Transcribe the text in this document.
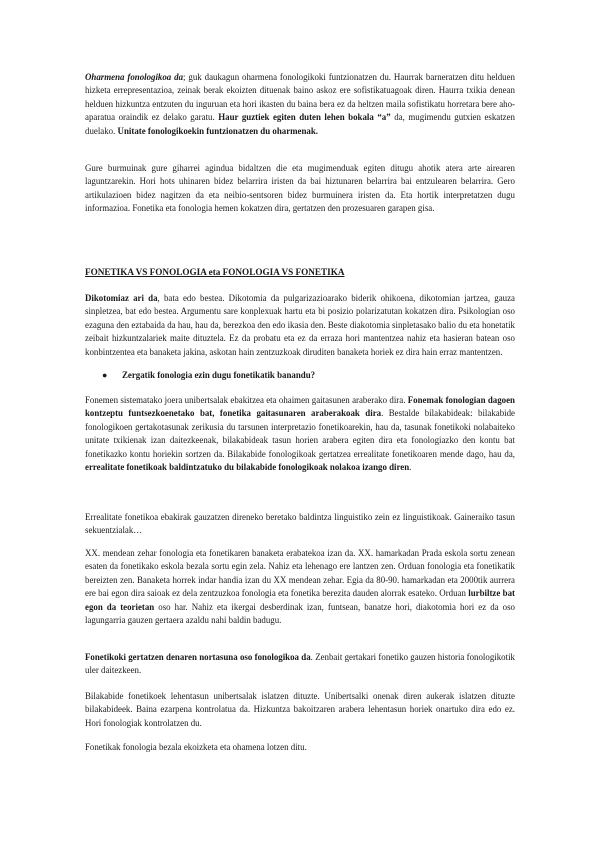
Oharmena fonologikoa da; guk daukagun oharmena fonologikoki funtzionatzen du. Haurrak barneratzen ditu helduen hizketa errepresentazioa, zeinak berak ekoizten dituenak baino askoz ere sofistikatuagoak diren. Haurra txikia denean helduen hizkuntza entzuten du inguruan eta hori ikasten du baina bera ez da heltzen maila sofistikatu horretara bere aho-aparatua oraindik ez delako garatu. Haur guztiek egiten duten lehen bokala “a” da, mugimendu gutxien eskatzen duelako. Unitate fonologikoekin funtzionatzen du oharmenak.

Gure burmuinak gure giharrei agindua bidaltzen die eta mugimenduak egiten ditugu ahotik atera arte airearen laguntzarekin. Hori hots uhinaren bidez belarrira iristen da bai hiztunaren belarrira bai entzulearen belarrira. Gero artikulazioen bidez nagitzen da eta neibio-sentsoren bidez burmuinera iristen da. Eta hortik interpretatzen dugu informazioa. Fonetika eta fonologia hemen kokatzen dira, gertatzen den prozesuaren garapen gisa.

FONETIKA VS FONOLOGIA eta FONOLOGIA VS FONETIKA

Dikotomiaz ari da, bata edo bestea. Dikotomia da pulgarizazioarako biderik ohikoena, dikotomian jartzea, gauza sinpletzea, bat edo bestea. Argumentu sare konplexuak hartu eta bi posizio polarizatutan kokatzen dira. Psikologian oso ezaguna den eztabaida da hau, hau da, berezkoa den edo ikasia den. Beste diakotomia sinpletasako balio du eta honetatik zeibait hizkuntzalariek maite dituztela. Ez da probatu eta ez da erraza hori mantentzea nahiz eta hasieran batean oso konbintzentea eta banaketa jakina, askotan hain zentzuzkoak diruditen banaketa horiek ez dira hain erraz mantentzen.

● Zergatik fonologia ezin dugu fonetikatik banandu?

Fonemen sistematako joera unibertsalak ebakitzea eta ohaimen gaitasunen araberako dira. Fonemak fonologian dagoen kontzeptu funtsezkoenetako bat, fonetika gaitasunaren araberakoak dira. Bestalde bilakabideak: bilakabide fonologikoen gertakotasunak zerikusia du tarsunen interpretazio fonetikoarekin, hau da, tasunak fonetikoki nolabaiteko unitate txikienak izan daitezkeenak, bilakabideak tasun horien arabera egiten dira eta fonologiazko den kontu bat fonetikazko kontu horiekin sortzen da. Bilakabide fonologikoak gertatzea errealitate fonetikoaren mende dago, hau da, errealitate fonetikoak baldintzatuko du bilakabide fonologikoak nolakoa izango diren.

Errealitate fonetikoa ebakirak gauzatzen direneko beretako baldintza linguistiko zein ez linguistikoak. Gaineraiko tasun sekuentzialak…

XX. mendean zehar fonologia eta fonetikaren banaketa erabatekoa izan da. XX. hamarkadan Prada eskola sortu zenean esaten da fonetikako eskola bezala sortu egin zela. Nahiz eta lehenago ere lantzen zen. Orduan fonologia eta fonetikatik bereizten zen. Banaketa horrek indar handia izan du XX mendean zehar. Egia da 80-90. hamarkadan eta 2000tik aurrera ere bai egon dira saioak ez dela zentzuzkoa fonologia eta fonetika berezita dauden alorrak esateko. Orduan lurbiltze bat egon da teorietan oso har. Nahiz eta ikergai desberdinak izan, funtsean, banatze hori, diakotomia hori ez da oso lagungarria gauzen gertaera azaldu nahi baldin badugu.

Fonetikoki gertatzen denaren nortasuna oso fonologikoa da. Zenbait gertakari fonetiko gauzen historia fonologikotik uler daitezkeen.

Bilakabide fonetikoek lehentasun unibertsalak islatzen dituzte. Unibertsalki onenak diren aukerak islatzen dituzte bilakabideek. Baina ezarpena kontrolatua da. Hizkuntza bakoitzaren arabera lehentasun horiek onartuko dira edo ez. Hori fonologiak kontrolatzen du.

Fonetikak fonologia bezala ekoizketa eta ohamena lotzen ditu.
